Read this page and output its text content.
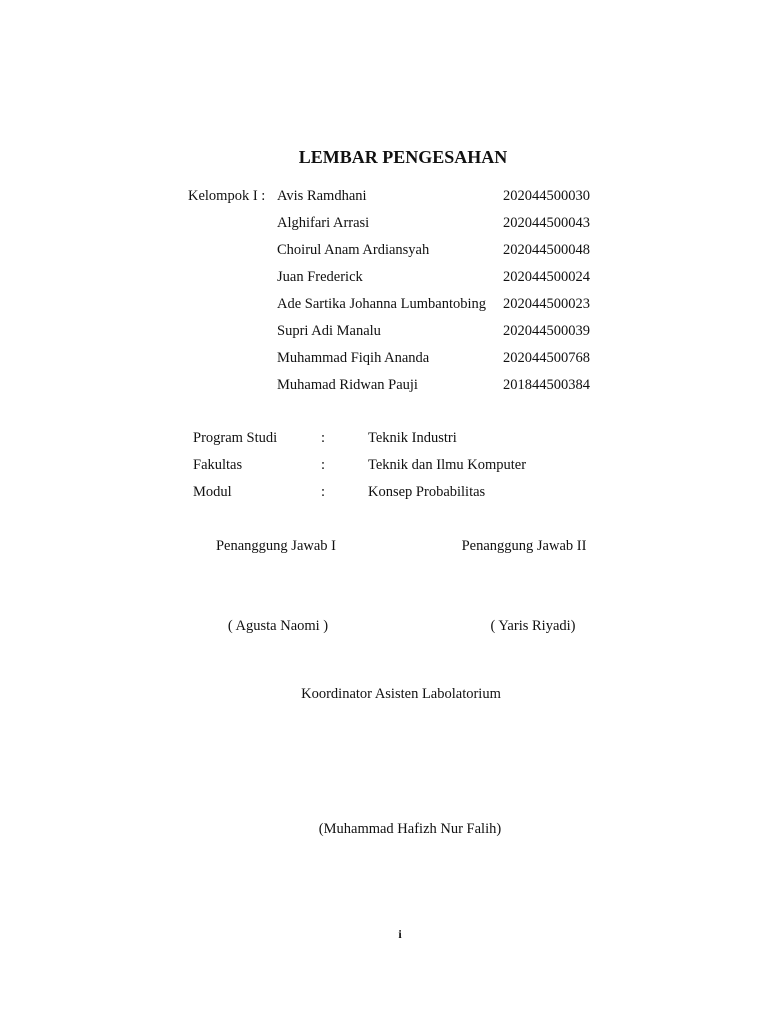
LEMBAR PENGESAHAN
Kelompok I : Avis Ramdhani	202044500030
Alghifari Arrasi	202044500043
Choirul Anam Ardiansyah	202044500048
Juan Frederick	202044500024
Ade Sartika Johanna Lumbantobing 202044500023
Supri Adi Manalu	202044500039
Muhammad Fiqih Ananda	202044500768
Muhamad Ridwan Pauji	201844500384
Program Studi	:	Teknik Industri
Fakultas	:	Teknik dan Ilmu Komputer
Modul	:	Konsep Probabilitas
Penanggung Jawab I	Penanggung Jawab II
( Agusta Naomi )	( Yaris Riyadi)
Koordinator Asisten Labolatorium
(Muhammad Hafizh Nur Falih)
i
